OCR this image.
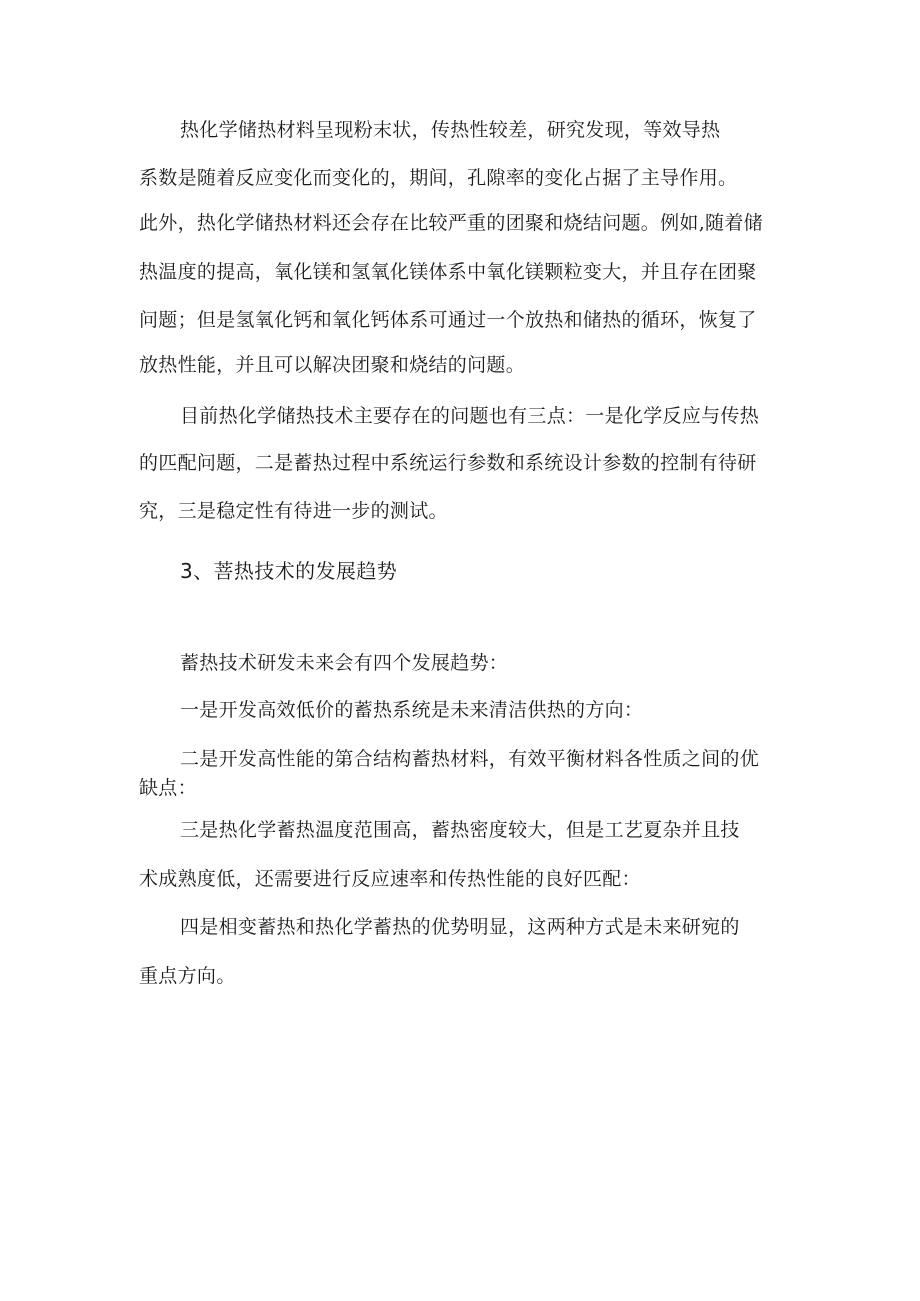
热化学储热材料呈现粉末状，传热性较差，研究发现，等效导热

系数是随着反应变化而变化的，期间，孔隙率的变化占据了主导作用。

此外，热化学储热材料还会存在比较严重的团聚和烧结问题。例如,随着储

热温度的提高，氧化镁和氢氧化镁体系中氧化镁颗粒变大，并且存在团聚

问题；但是氢氧化钙和氧化钙体系可通过一个放热和储热的循环，恢复了

放热性能，并且可以解决团聚和烧结的问题。

目前热化学储热技术主要存在的问题也有三点：一是化学反应与传热

的匹配问题，二是蓄热过程中系统运行参数和系统设计参数的控制有待研

究，三是稳定性有待进一步的测试。

3、菩热技术的发展趋势

蓄热技术研发未来会有四个发展趋势：

一是开发高效低价的蓄热系统是未来清洁供热的方向：

二是开发高性能的第合结构蓄热材料，有效平衡材料各性质之间的优

缺点：

三是热化学蓄热温度范围高，蓄热密度较大，但是工艺夏杂并且技

术成熟度低，还需要进行反应速率和传热性能的良好匹配：

四是相变蓄热和热化学蓄热的优势明显，这两种方式是未来研宛的

重点方向。
